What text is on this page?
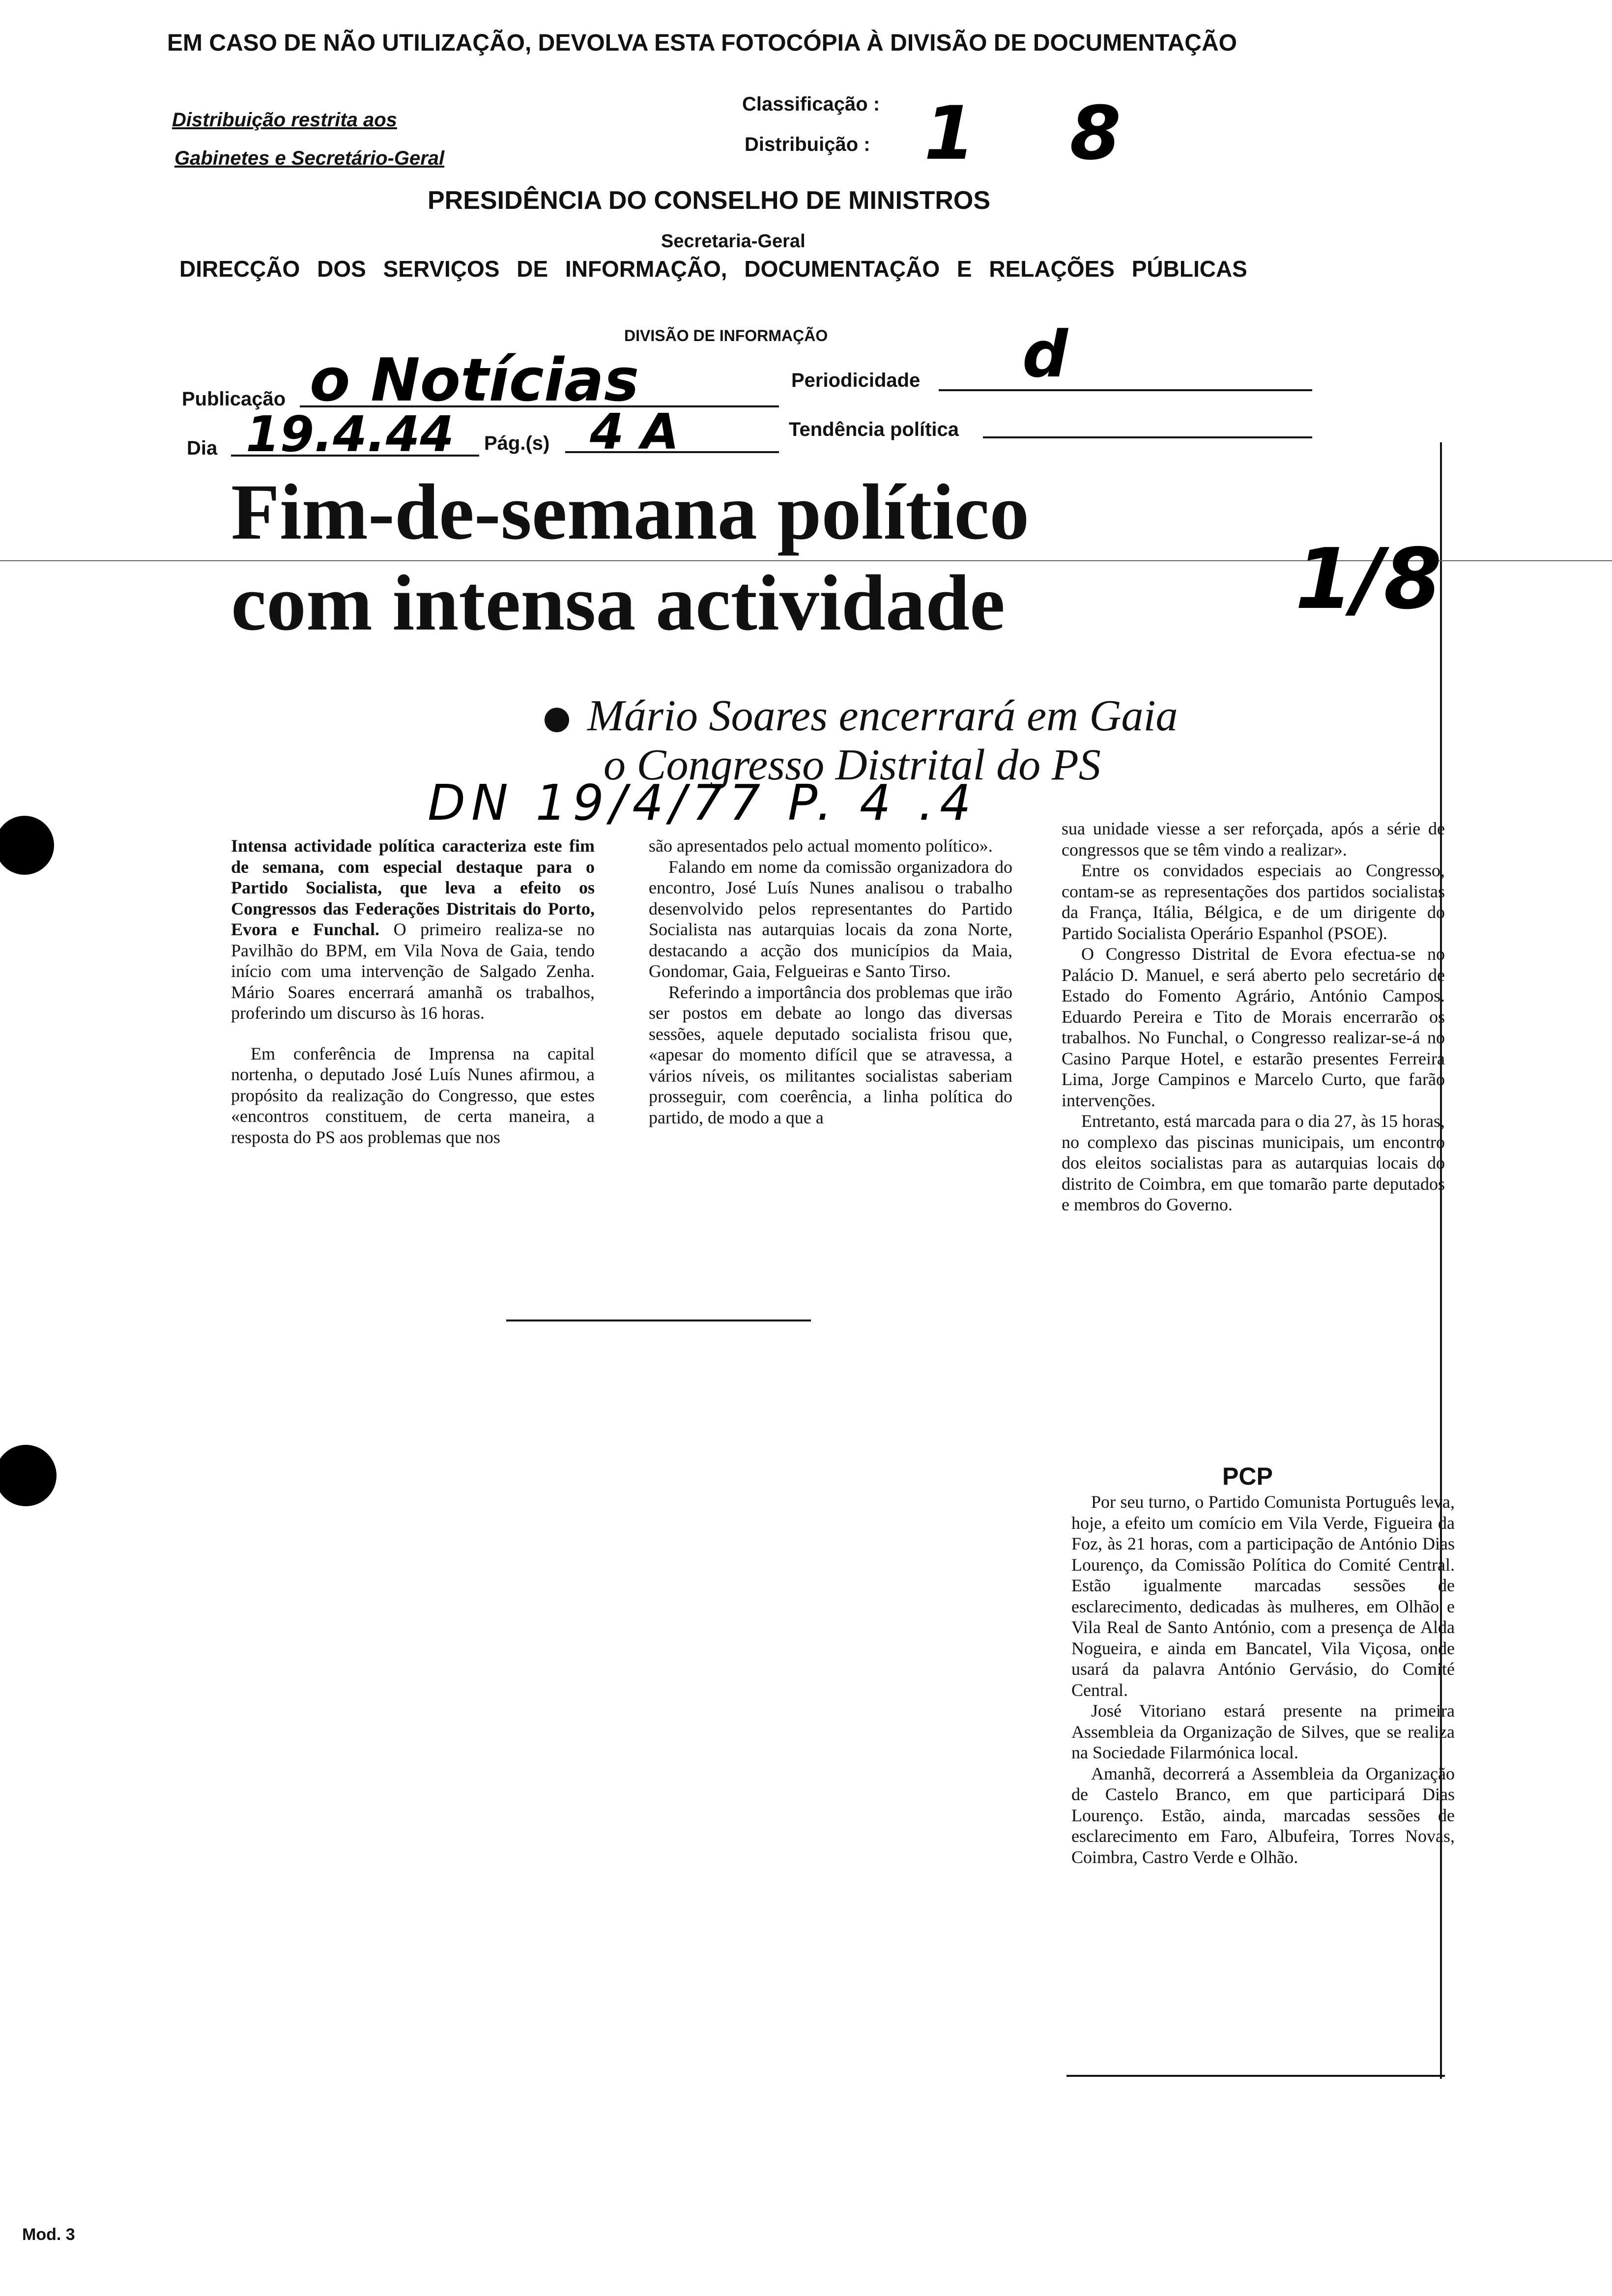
EM CASO DE NÃO UTILIZAÇÃO, DEVOLVA ESTA FOTOCÓPIA À DIVISÃO DE DOCUMENTAÇÃO
Distribuição restrita aos
Gabinetes e Secretário-Geral
Classificação :
Distribuição : 1 8
PRESIDÊNCIA DO CONSELHO DE MINISTROS
Secretaria-Geral
DIRECÇÃO DOS SERVIÇOS DE INFORMAÇÃO, DOCUMENTAÇÃO E RELAÇÕES PÚBLICAS
DIVISÃO DE INFORMAÇÃO
Publicação o Notícias	Periodicidade d
Dia 19.4.44 Pág.(s) 4 A	Tendência política
Fim-de-semana político
com intensa actividade	1/8
Mário Soares encerrará em Gaia
o Congresso Distrital do PS
DN 19/4/77 P. 4 .4

Intensa actividade política caracteriza este fim de semana, com especial destaque para o Partido Socialista, que leva a efeito os Congressos das Federações Distritais do Porto, Evora e Funchal. O primeiro realiza-se no Pavilhão do BPM, em Vila Nova de Gaia, tendo início com uma intervenção de Salgado Zenha. Mário Soares encerrará amanhã os trabalhos, proferindo um discurso às 16 horas.

Em conferência de Imprensa na capital nortenha, o deputado José Luís Nunes afirmou, a propósito da realização do Congresso, que estes «encontros constituem, de certa maneira, a resposta do PS aos problemas que nos

são apresentados pelo actual momento político».

Falando em nome da comissão organizadora do encontro, José Luís Nunes analisou o trabalho desenvolvido pelos representantes do Partido Socialista nas autarquias locais da zona Norte, destacando a acção dos municípios da Maia, Gondomar, Gaia, Felgueiras e Santo Tirso.

Referindo a importância dos problemas que irão ser postos em debate ao longo das diversas sessões, aquele deputado socialista frisou que, «apesar do momento difícil que se atravessa, a vários níveis, os militantes socialistas saberiam prosseguir, com coerência, a linha política do partido, de modo a que a

sua unidade viesse a ser reforçada, após a série de congressos que se têm vindo a realizar».

Entre os convidados especiais ao Congresso, contam-se as representações dos partidos socialistas da França, Itália, Bélgica, e de um dirigente do Partido Socialista Operário Espanhol (PSOE).

O Congresso Distrital de Evora efectua-se no Palácio D. Manuel, e será aberto pelo secretário de Estado do Fomento Agrário, António Campos. Eduardo Pereira e Tito de Morais encerrarão os trabalhos. No Funchal, o Congresso realizar-se-á no Casino Parque Hotel, e estarão presentes Ferreira Lima, Jorge Campinos e Marcelo Curto, que farão intervenções.

Entretanto, está marcada para o dia 27, às 15 horas, no complexo das piscinas municipais, um encontro dos eleitos socialistas para as autarquias locais do distrito de Coimbra, em que tomarão parte deputados e membros do Governo.

PCP

Por seu turno, o Partido Comunista Português leva, hoje, a efeito um comício em Vila Verde, Figueira da Foz, às 21 horas, com a participação de António Dias Lourenço, da Comissão Política do Comité Central. Estão igualmente marcadas sessões de esclarecimento, dedicadas às mulheres, em Olhão e Vila Real de Santo António, com a presença de Alda Nogueira, e ainda em Bancatel, Vila Viçosa, onde usará da palavra António Gervásio, do Comité Central.

José Vitoriano estará presente na primeira Assembleia da Organização de Silves, que se realiza na Sociedade Filarmónica local.

Amanhã, decorrerá a Assembleia da Organização de Castelo Branco, em que participará Dias Lourenço. Estão, ainda, marcadas sessões de esclarecimento em Faro, Albufeira, Torres Novas, Coimbra, Castro Verde e Olhão.

Mod. 3
